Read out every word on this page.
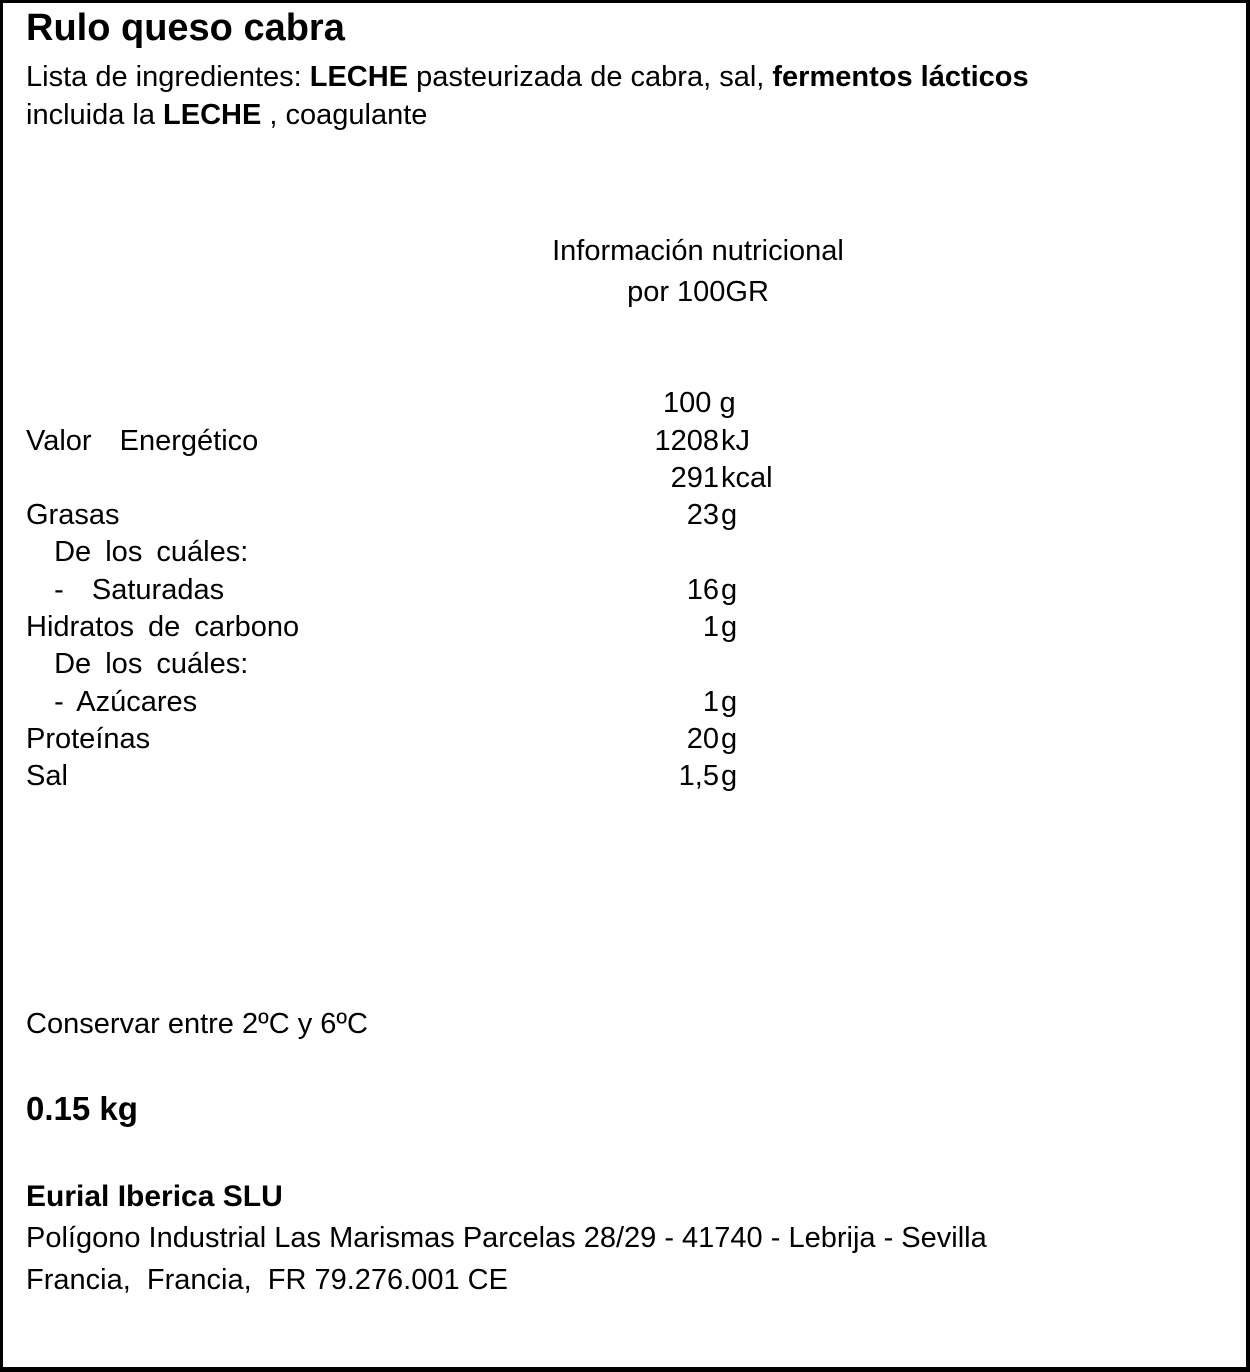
Rulo queso cabra
Lista de ingredientes: LECHE pasteurizada de cabra, sal, fermentos lácticos
incluida la LECHE , coagulante
Información nutricional
por 100GR
100 g
Valor  Energético	1208 kJ
291 kcal
Grasas	23 g
De los cuáles:
-  Saturadas	16 g
Hidratos de carbono	1 g
De los cuáles:
- Azúcares	1 g
Proteínas	20 g
Sal	1,5 g
Conservar entre 2ºC y 6ºC
0.15 kg
Eurial Iberica SLU
Polígono Industrial Las Marismas Parcelas 28/29 - 41740 - Lebrija - Sevilla
Francia,  Francia,  FR 79.276.001 CE
